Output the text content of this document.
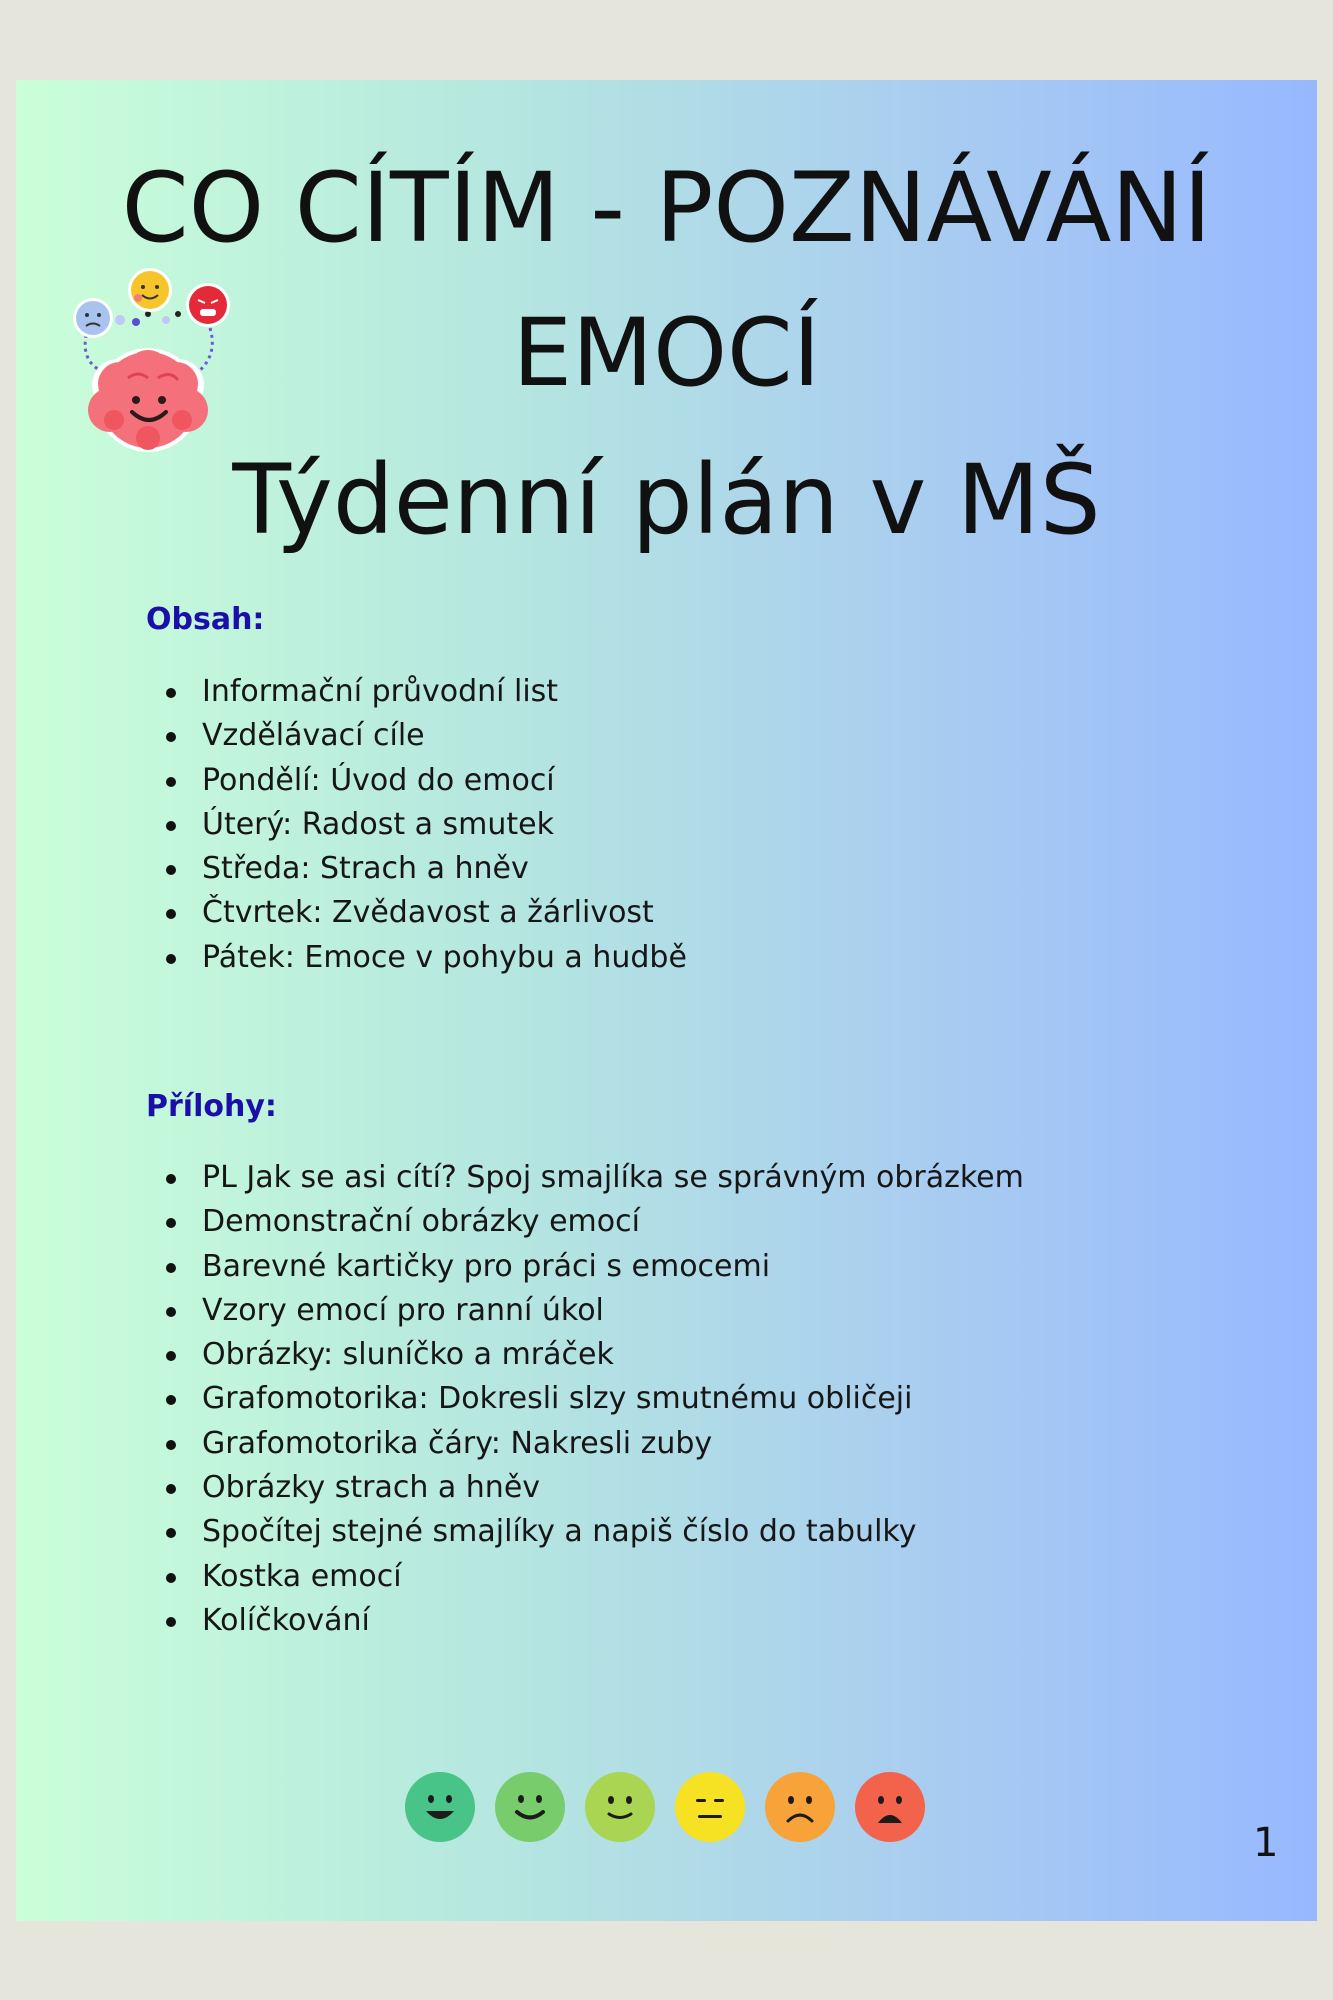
CO CÍTÍM - POZNÁVÁNÍ
EMOCÍ
Týdenní plán v MŠ
Obsah:
Informační průvodní list
Vzdělávací cíle
Pondělí: Úvod do emocí
Úterý: Radost a smutek
Středa: Strach a hněv
Čtvrtek: Zvědavost a žárlivost
Pátek: Emoce v pohybu a hudbě
Přílohy:
PL Jak se asi cítí? Spoj smajlíka se správným obrázkem
Demonstrační obrázky emocí
Barevné kartičky pro práci s emocemi
Vzory emocí pro ranní úkol
Obrázky: sluníčko a mráček
Grafomotorika: Dokresli slzy smutnému obličeji
Grafomotorika čáry: Nakresli zuby
Obrázky strach a hněv
Spočítej stejné smajlíky a napiš číslo do tabulky
Kostka emocí
Kolíčkování
1
